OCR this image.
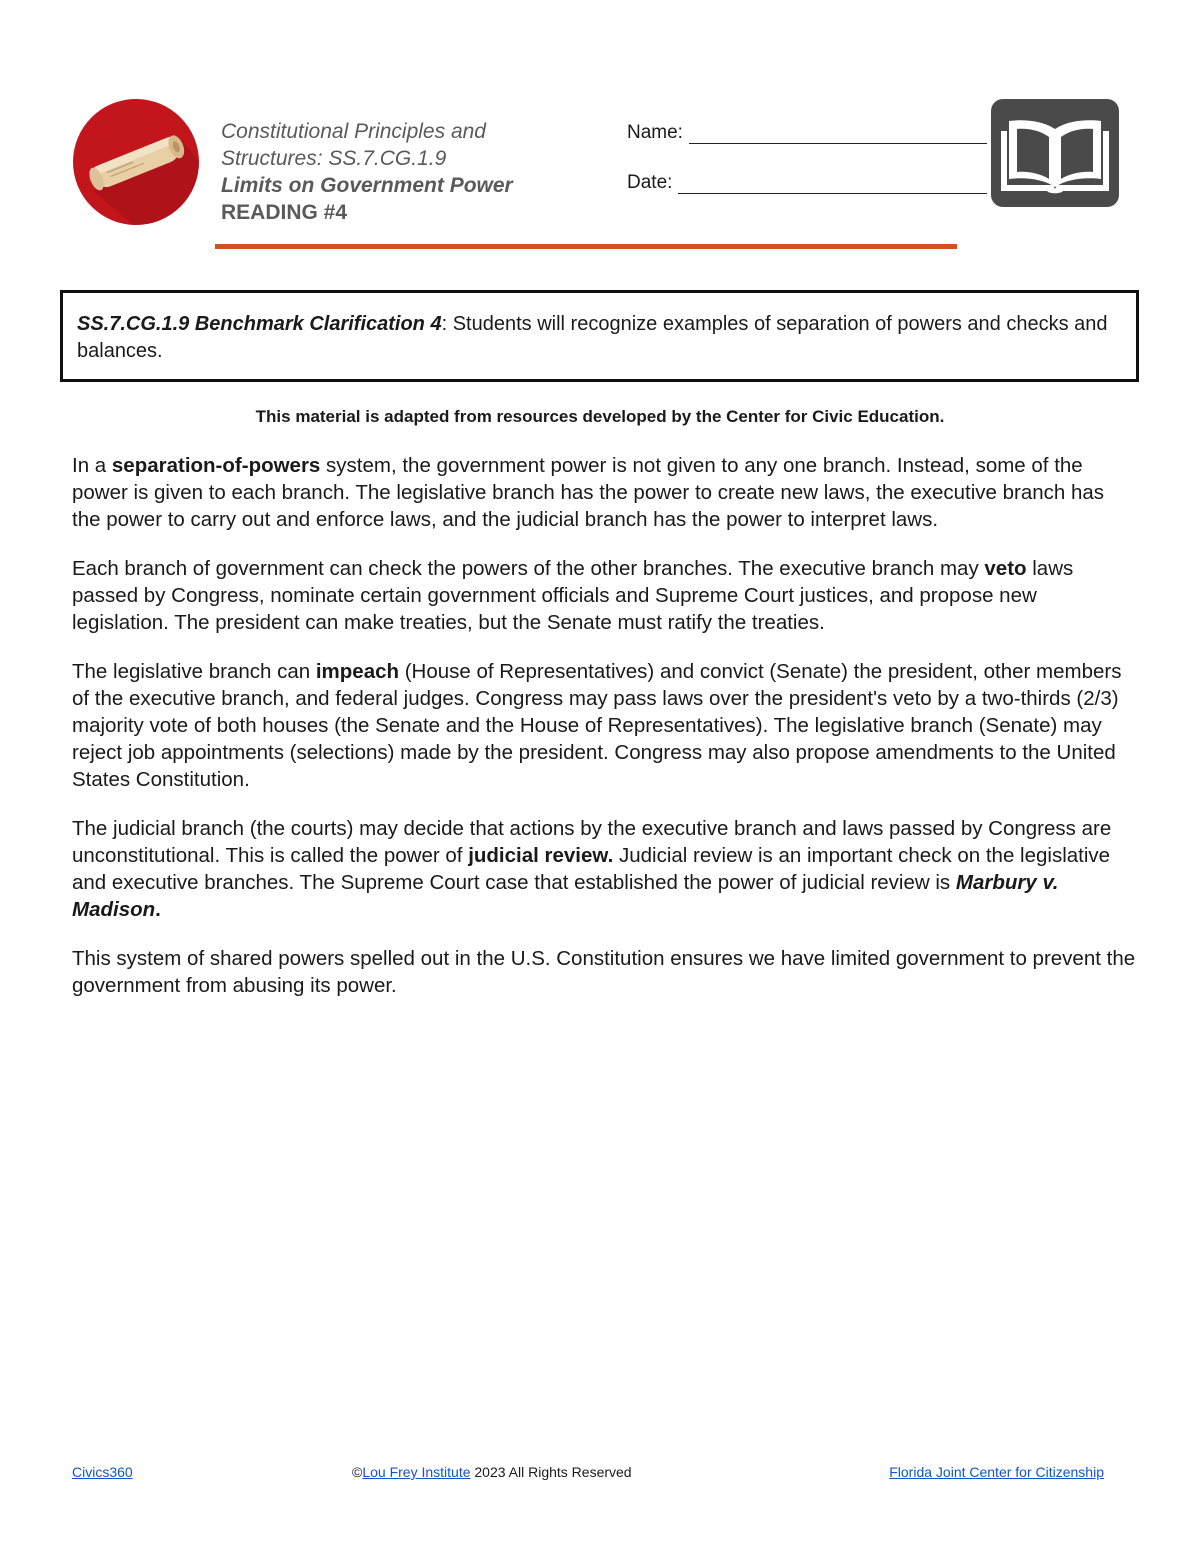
Constitutional Principles and
Structures: SS.7.CG.1.9
Limits on Government Power
READING #4
Name:
Date:
SS.7.CG.1.9 Benchmark Clarification 4: Students will recognize examples of separation of powers and checks and balances.
This material is adapted from resources developed by the Center for Civic Education.

In a separation-of-powers system, the government power is not given to any one branch. Instead, some of the power is given to each branch. The legislative branch has the power to create new laws, the executive branch has the power to carry out and enforce laws, and the judicial branch has the power to interpret laws.

Each branch of government can check the powers of the other branches. The executive branch may veto laws passed by Congress, nominate certain government officials and Supreme Court justices, and propose new legislation. The president can make treaties, but the Senate must ratify the treaties.

The legislative branch can impeach (House of Representatives) and convict (Senate) the president, other members of the executive branch, and federal judges. Congress may pass laws over the president's veto by a two-thirds (2/3) majority vote of both houses (the Senate and the House of Representatives). The legislative branch (Senate) may reject job appointments (selections) made by the president. Congress may also propose amendments to the United States Constitution.

The judicial branch (the courts) may decide that actions by the executive branch and laws passed by Congress are unconstitutional. This is called the power of judicial review. Judicial review is an important check on the legislative and executive branches. The Supreme Court case that established the power of judicial review is Marbury v. Madison.

This system of shared powers spelled out in the U.S. Constitution ensures we have limited government to prevent the government from abusing its power.

Civics360	©Lou Frey Institute 2023 All Rights Reserved	Florida Joint Center for Citizenship
